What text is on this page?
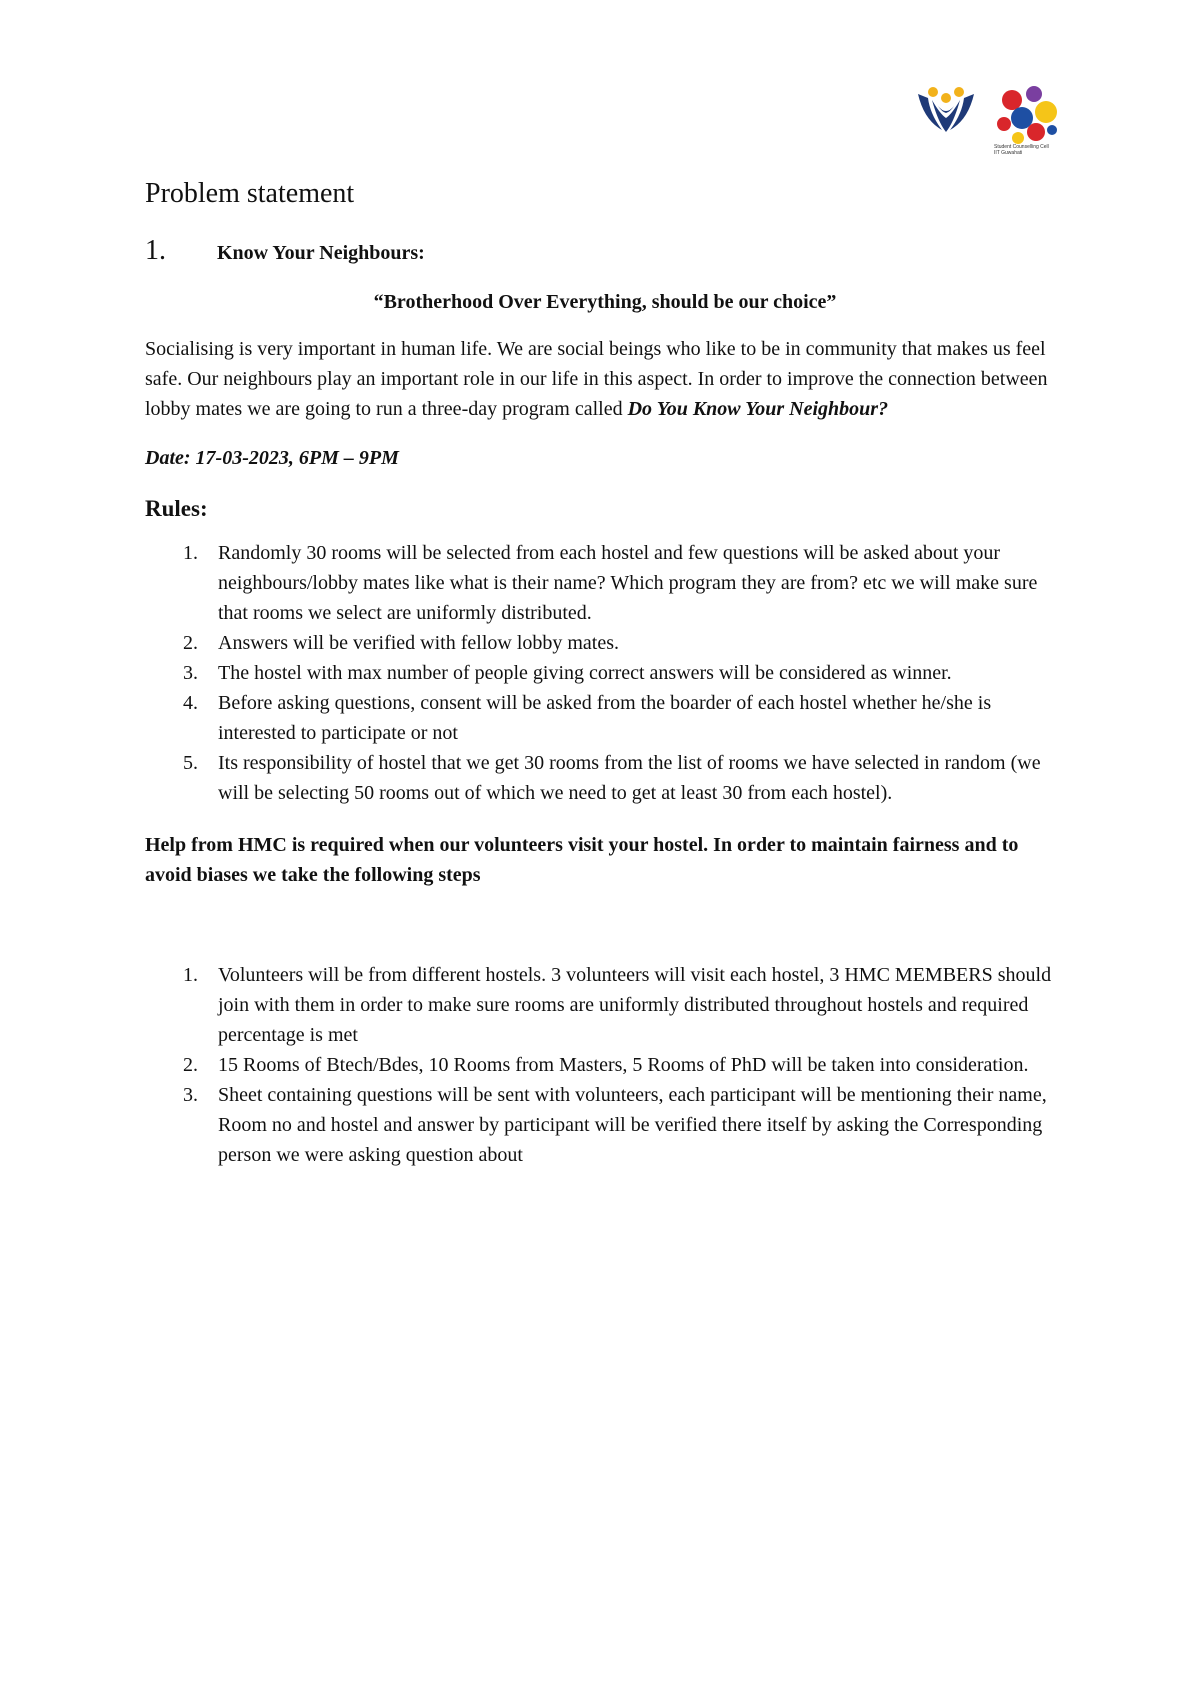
Student Counselling Cell
IIT Guwahati
Problem statement
1.	Know Your Neighbours:

“Brotherhood Over Everything, should be our choice”

Socialising is very important in human life. We are social beings who like to be in community that makes us feel safe. Our neighbours play an important role in our life in this aspect. In order to improve the connection between lobby mates we are going to run a three-day program called Do You Know Your Neighbour?

Date: 17-03-2023, 6PM – 9PM

Rules:
1. Randomly 30 rooms will be selected from each hostel and few questions will be asked about your neighbours/lobby mates like what is their name? Which program they are from? etc we will make sure that rooms we select are uniformly distributed.
2. Answers will be verified with fellow lobby mates.
3. The hostel with max number of people giving correct answers will be considered as winner.
4. Before asking questions, consent will be asked from the boarder of each hostel whether he/she is interested to participate or not
5. Its responsibility of hostel that we get 30 rooms from the list of rooms we have selected in random (we will be selecting 50 rooms out of which we need to get at least 30 from each hostel).

Help from HMC is required when our volunteers visit your hostel. In order to maintain fairness and to avoid biases we take the following steps

1. Volunteers will be from different hostels. 3 volunteers will visit each hostel, 3 HMC MEMBERS should join with them in order to make sure rooms are uniformly distributed throughout hostels and required percentage is met
2. 15 Rooms of Btech/Bdes, 10 Rooms from Masters, 5 Rooms of PhD will be taken into consideration.
3. Sheet containing questions will be sent with volunteers, each participant will be mentioning their name, Room no and hostel and answer by participant will be verified there itself by asking the Corresponding person we were asking question about
